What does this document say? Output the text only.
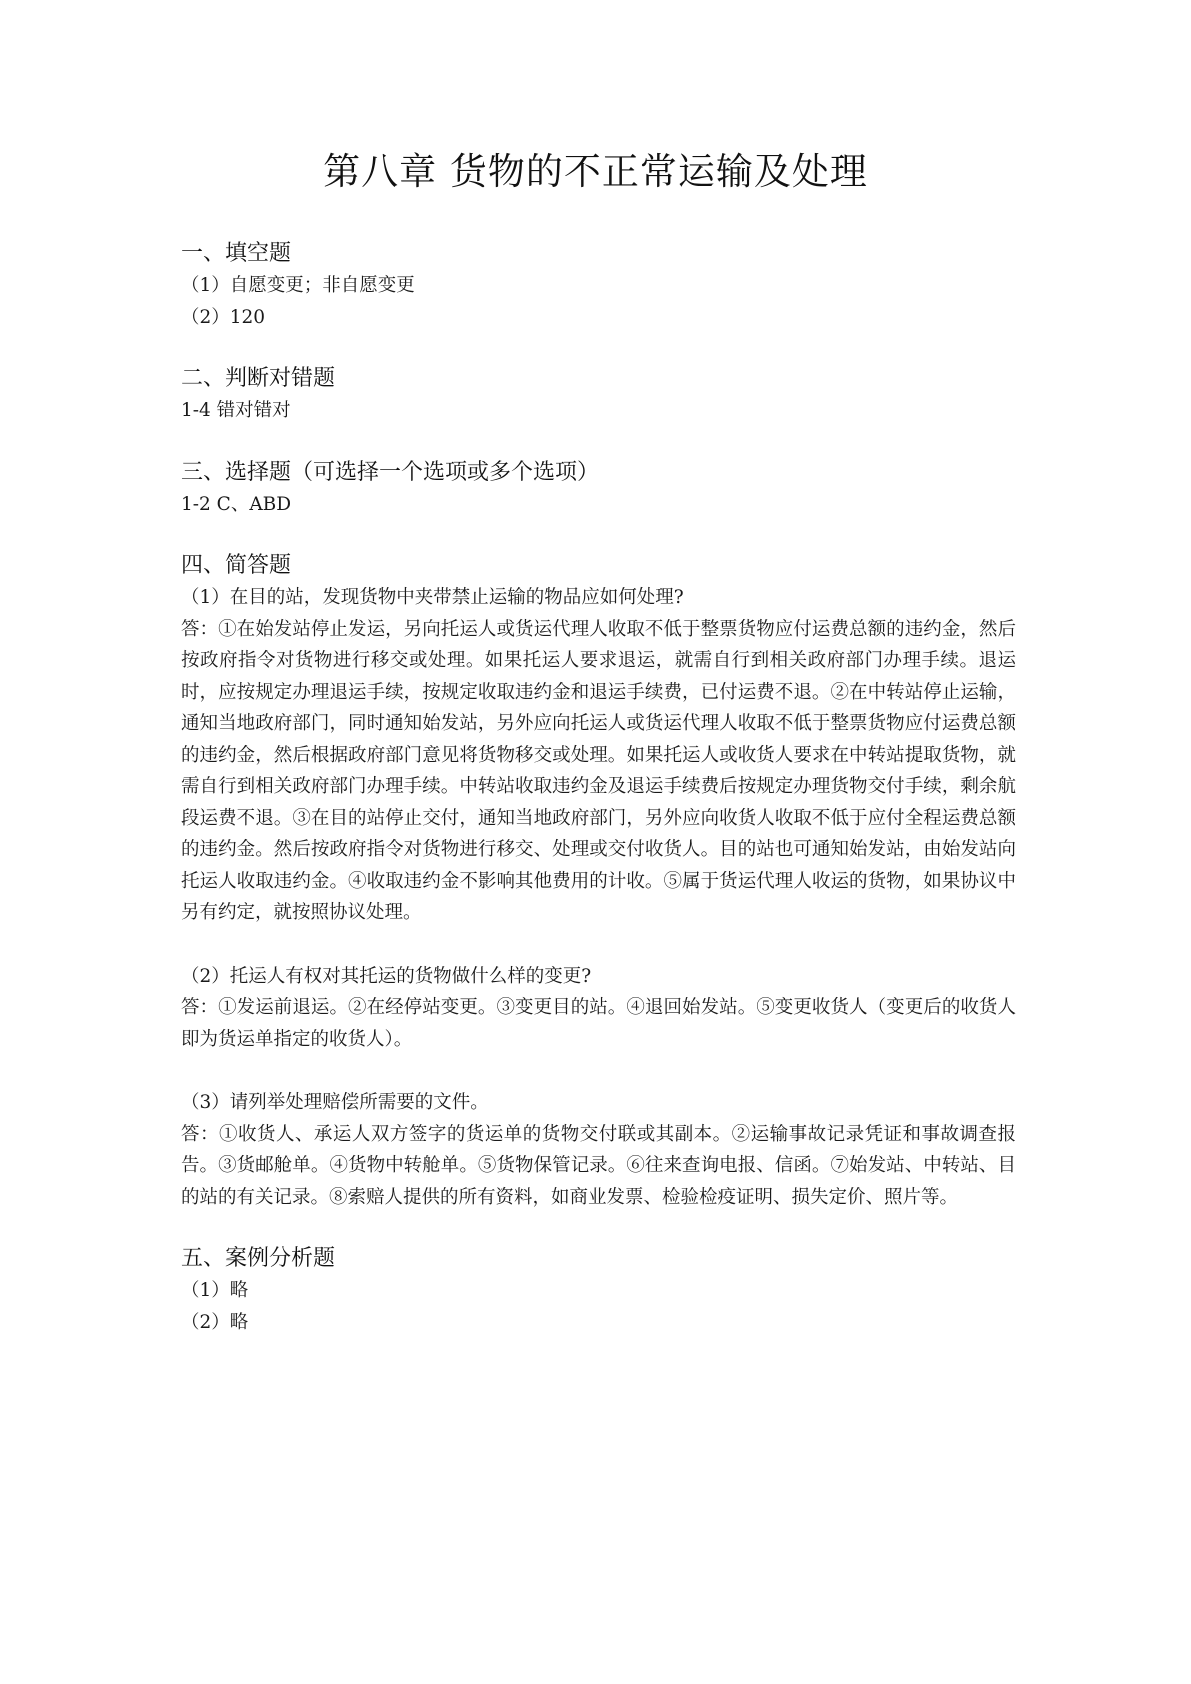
第八章 货物的不正常运输及处理

一、填空题

（1）自愿变更；非自愿变更

（2）120

二、判断对错题

1-4 错对错对

三、选择题（可选择一个选项或多个选项）

1-2 C、ABD

四、简答题

（1）在目的站，发现货物中夹带禁止运输的物品应如何处理?

答：①在始发站停止发运，另向托运人或货运代理人收取不低于整票货物应付运费总额的违约金，然后按政府指令对货物进行移交或处理。如果托运人要求退运，就需自行到相关政府部门办理手续。退运时，应按规定办理退运手续，按规定收取违约金和退运手续费，已付运费不退。②在中转站停止运输，通知当地政府部门，同时通知始发站，另外应向托运人或货运代理人收取不低于整票货物应付运费总额的违约金，然后根据政府部门意见将货物移交或处理。如果托运人或收货人要求在中转站提取货物，就需自行到相关政府部门办理手续。中转站收取违约金及退运手续费后按规定办理货物交付手续，剩余航段运费不退。③在目的站停止交付，通知当地政府部门，另外应向收货人收取不低于应付全程运费总额的违约金。然后按政府指令对货物进行移交、处理或交付收货人。目的站也可通知始发站，由始发站向托运人收取违约金。④收取违约金不影响其他费用的计收。⑤属于货运代理人收运的货物，如果协议中另有约定，就按照协议处理。

（2）托运人有权对其托运的货物做什么样的变更?

答：①发运前退运。②在经停站变更。③变更目的站。④退回始发站。⑤变更收货人（变更后的收货人即为货运单指定的收货人）。

（3）请列举处理赔偿所需要的文件。

答：①收货人、承运人双方签字的货运单的货物交付联或其副本。②运输事故记录凭证和事故调查报告。③货邮舱单。④货物中转舱单。⑤货物保管记录。⑥往来查询电报、信函。⑦始发站、中转站、目的站的有关记录。⑧索赔人提供的所有资料，如商业发票、检验检疫证明、损失定价、照片等。

五、案例分析题

（1）略

（2）略
